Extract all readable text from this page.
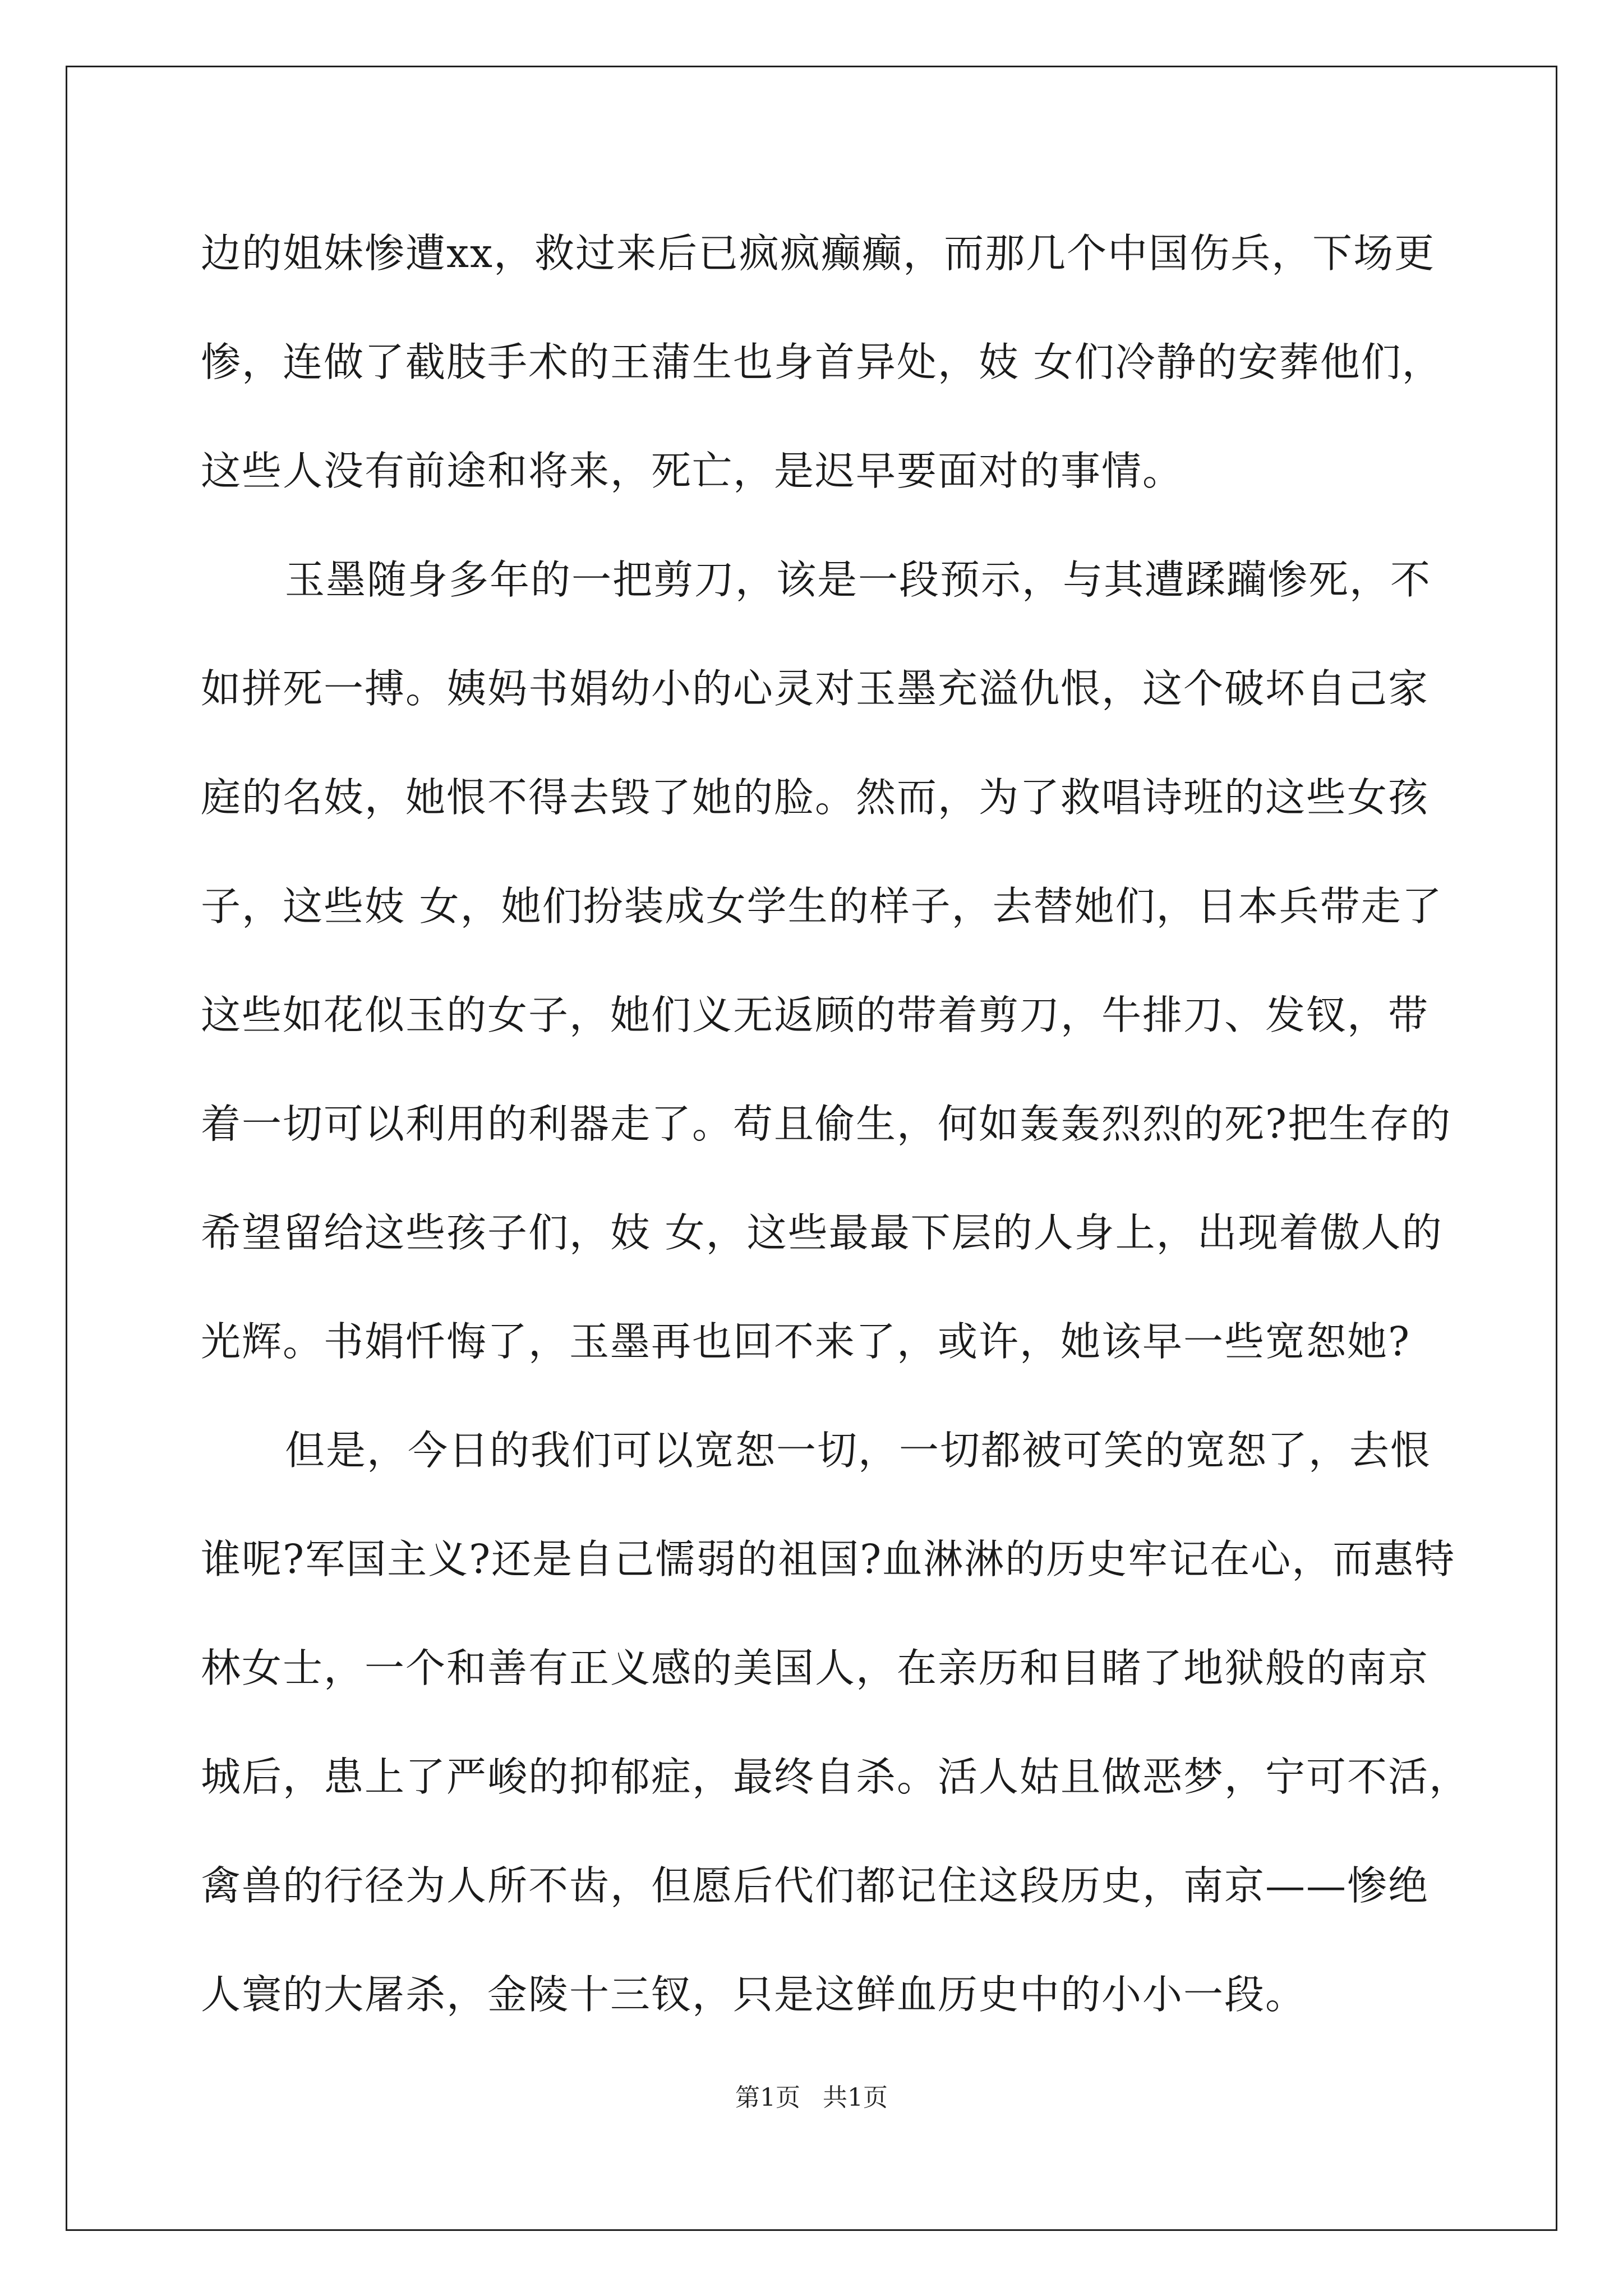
边的姐妹惨遭xx，救过来后已疯疯癫癫，而那几个中国伤兵，下场更
惨，连做了截肢手术的王蒲生也身首异处，妓 女们冷静的安葬他们，
这些人没有前途和将来，死亡，是迟早要面对的事情。
玉墨随身多年的一把剪刀，该是一段预示，与其遭蹂躏惨死，不
如拼死一搏。姨妈书娟幼小的心灵对玉墨充溢仇恨，这个破坏自己家
庭的名妓，她恨不得去毁了她的脸。然而，为了救唱诗班的这些女孩
子，这些妓 女，她们扮装成女学生的样子，去替她们，日本兵带走了
这些如花似玉的女子，她们义无返顾的带着剪刀，牛排刀、发钗，带
着一切可以利用的利器走了。苟且偷生，何如轰轰烈烈的死?把生存的
希望留给这些孩子们，妓 女，这些最最下层的人身上，出现着傲人的
光辉。书娟忏悔了，玉墨再也回不来了，或许，她该早一些宽恕她?
但是，今日的我们可以宽恕一切，一切都被可笑的宽恕了，去恨
谁呢?军国主义?还是自己懦弱的祖国?血淋淋的历史牢记在心，而惠特
林女士，一个和善有正义感的美国人，在亲历和目睹了地狱般的南京
城后，患上了严峻的抑郁症，最终自杀。活人姑且做恶梦，宁可不活，
禽兽的行径为人所不齿，但愿后代们都记住这段历史，南京——惨绝
人寰的大屠杀，金陵十三钗，只是这鲜血历史中的小小一段。
第1页 共1页
